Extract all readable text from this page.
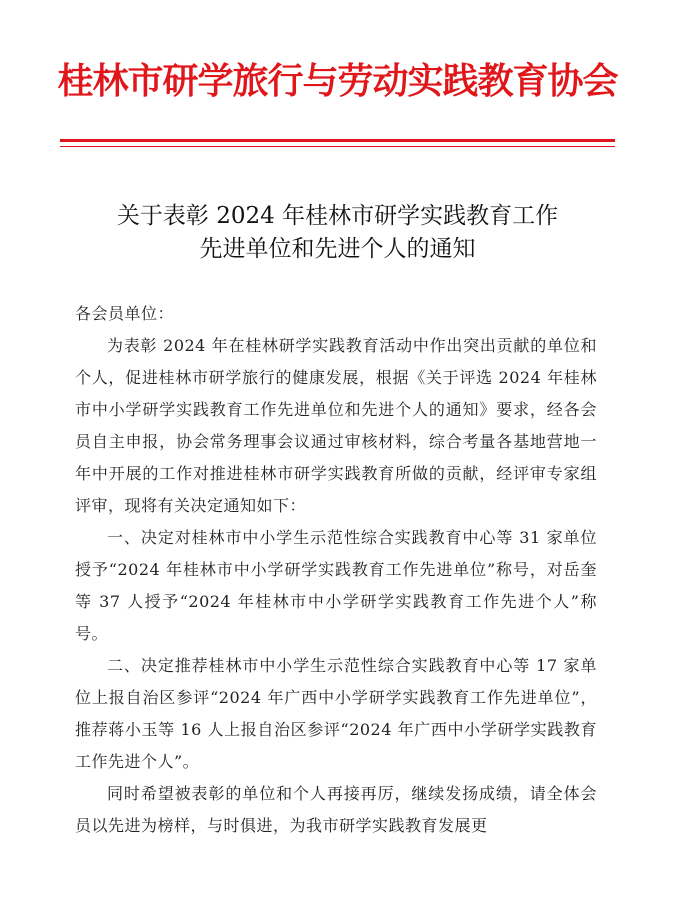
桂林市研学旅行与劳动实践教育协会
关于表彰 2024 年桂林市研学实践教育工作
先进单位和先进个人的通知

各会员单位：

为表彰 2024 年在桂林研学实践教育活动中作出突出贡献的单位和个人，促进桂林市研学旅行的健康发展，根据《关于评选 2024 年桂林市中小学研学实践教育工作先进单位和先进个人的通知》要求，经各会员自主申报，协会常务理事会议通过审核材料，综合考量各基地营地一年中开展的工作对推进桂林市研学实践教育所做的贡献，经评审专家组评审，现将有关决定通知如下：

一、决定对桂林市中小学生示范性综合实践教育中心等 31 家单位授予“2024 年桂林市中小学研学实践教育工作先进单位”称号，对岳奎等 37 人授予“2024 年桂林市中小学研学实践教育工作先进个人”称号。

二、决定推荐桂林市中小学生示范性综合实践教育中心等 17 家单位上报自治区参评“2024 年广西中小学研学实践教育工作先进单位”，推荐蒋小玉等 16 人上报自治区参评“2024 年广西中小学研学实践教育工作先进个人”。

同时希望被表彰的单位和个人再接再厉，继续发扬成绩，请全体会员以先进为榜样，与时俱进，为我市研学实践教育发展更
